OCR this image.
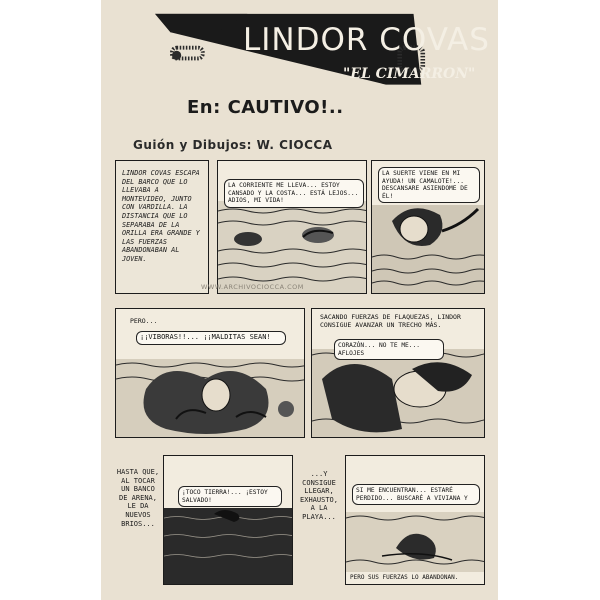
LINDOR COVAS
"EL CIMARRON"
En: CAUTIVO!..
Guión y Dibujos: W. CIOCCA
LINDOR COVAS ESCAPA DEL BARCO QUE LO LLEVABA A MONTEVIDEO, JUNTO CON VARDILLA. LA DISTANCIA QUE LO SEPARABA DE LA ORILLA ERA GRANDE Y LAS FUERZAS ABANDONABAN AL JOVEN.
LA CORRIENTE ME LLEVA... ESTOY CANSADO Y LA COSTA... ESTÁ LEJOS... ADIOS, MI VIDA!
LA SUERTE VIENE EN MI AYUDA! UN CAMALOTE!... DESCANSARE ASIENDOME DE ÉL!
WWW.ARCHIVOCIOCCA.COM
PERO...
¡¡VIBORAS!!... ¡¡MALDITAS SEAN!
SACANDO FUERZAS DE FLAQUEZAS, LINDOR CONSIGUE AVANZAR UN TRECHO MÁS.
CORAZÓN... NO TE ME... AFLOJES
HASTA QUE, AL TOCAR UN BANCO DE ARENA, LE DA NUEVOS BRIOS...
¡TOCO TIERRA!... ¡ESTOY SALVADO!
...Y CONSIGUE LLEGAR, EXHAUSTO, A LA PLAYA...
SI ME ENCUENTRAN... ESTARÉ PERDIDO... BUSCARÉ A VIVIANA Y
PERO SUS FUERZAS LO ABANDONAN.
